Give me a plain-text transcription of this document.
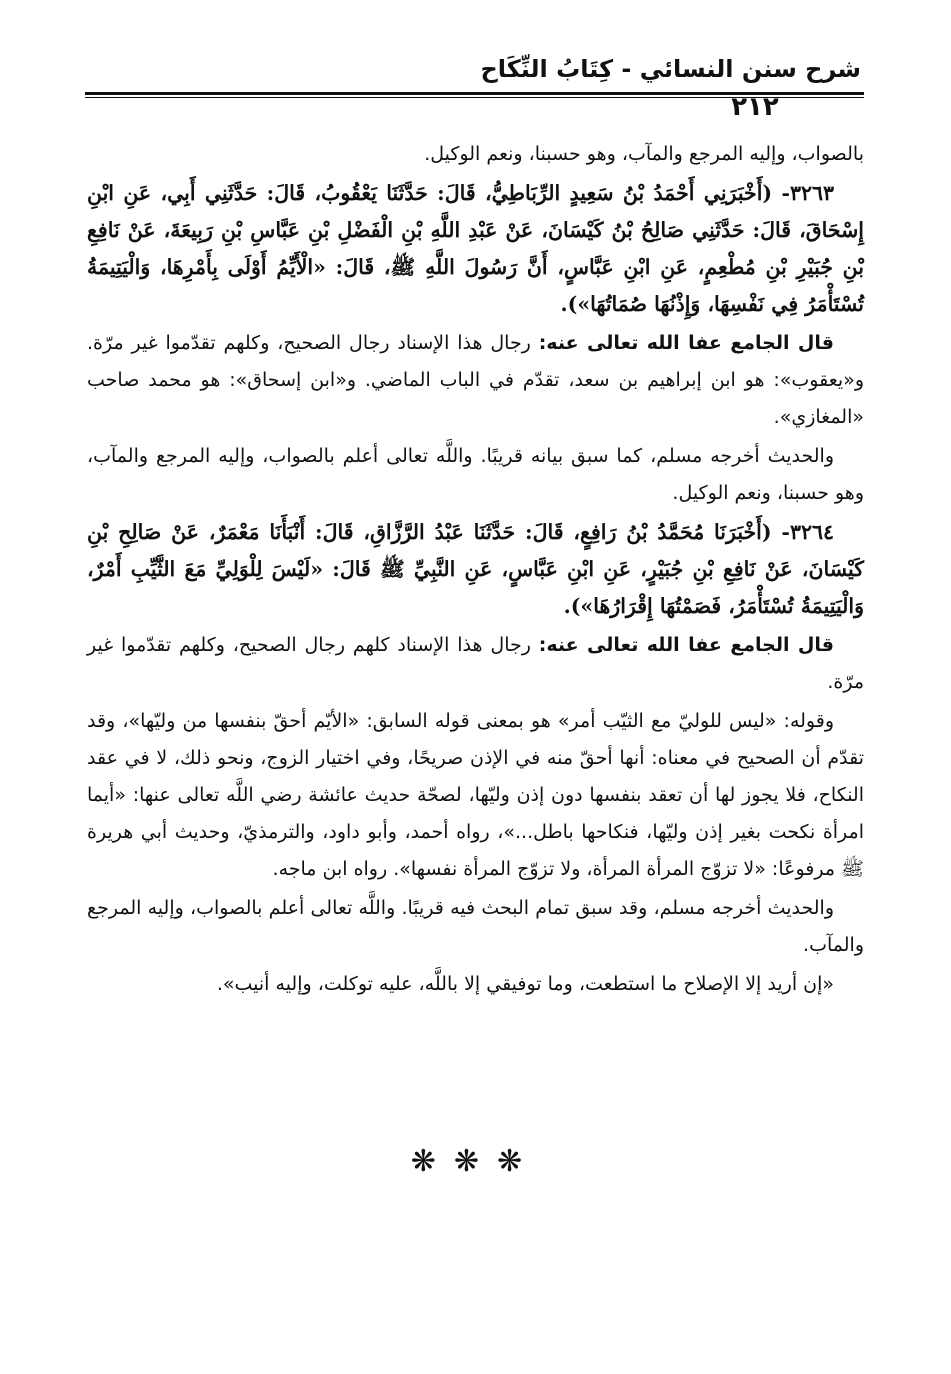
شرح سنن النسائي - كِتَابُ النِّكَاح
٢١٢

بالصواب، وإليه المرجع والمآب، وهو حسبنا، ونعم الوكيل.

٣٢٦٣- (أَخْبَرَنِي أَحْمَدُ بْنُ سَعِيدٍ الرِّبَاطِيُّ، قَالَ: حَدَّثَنَا يَعْقُوبُ، قَالَ: حَدَّثَنِي أَبِي، عَنِ ابْنِ إِسْحَاقَ، قَالَ: حَدَّثَنِي صَالِحُ بْنُ كَيْسَانَ، عَنْ عَبْدِ اللَّهِ بْنِ الْفَضْلِ بْنِ عَبَّاسِ بْنِ رَبِيعَةَ، عَنْ نَافِعِ بْنِ جُبَيْرِ بْنِ مُطْعِمٍ، عَنِ ابْنِ عَبَّاسٍ، أَنَّ رَسُولَ اللَّهِ ﷺ، قَالَ: «الْأَيِّمُ أَوْلَى بِأَمْرِهَا، وَالْيَتِيمَةُ تُسْتَأْمَرُ فِي نَفْسِهَا، وَإِذْنُهَا صُمَاتُهَا»).

قال الجامع عفا الله تعالى عنه: رجال هذا الإسناد رجال الصحيح، وكلهم تقدّموا غير مرّة. و«يعقوب»: هو ابن إبراهيم بن سعد، تقدّم في الباب الماضي. و«ابن إسحاق»: هو محمد صاحب «المغازي».

والحديث أخرجه مسلم، كما سبق بيانه قريبًا. واللَّه تعالى أعلم بالصواب، وإليه المرجع والمآب، وهو حسبنا، ونعم الوكيل.

٣٢٦٤- (أَخْبَرَنَا مُحَمَّدُ بْنُ رَافِعٍ، قَالَ: حَدَّثَنَا عَبْدُ الرَّزَّاقِ، قَالَ: أَنْبَأَنَا مَعْمَرٌ، عَنْ صَالِحِ بْنِ كَيْسَانَ، عَنْ نَافِعِ بْنِ جُبَيْرٍ، عَنِ ابْنِ عَبَّاسٍ، عَنِ النَّبِيِّ ﷺ قَالَ: «لَيْسَ لِلْوَلِيِّ مَعَ الثَّيِّبِ أَمْرٌ، وَالْيَتِيمَةُ تُسْتَأْمَرُ، فَصَمْتُهَا إِقْرَارُهَا»).

قال الجامع عفا الله تعالى عنه: رجال هذا الإسناد كلهم رجال الصحيح، وكلهم تقدّموا غير مرّة.

وقوله: «ليس للوليّ مع الثيّب أمر» هو بمعنى قوله السابق: «الأيّم أحقّ بنفسها من وليّها»، وقد تقدّم أن الصحيح في معناه: أنها أحقّ منه في الإذن صريحًا، وفي اختيار الزوج، ونحو ذلك، لا في عقد النكاح، فلا يجوز لها أن تعقد بنفسها دون إذن وليّها، لصحّة حديث عائشة رضي اللَّه تعالى عنها: «أيما امرأة نكحت بغير إذن وليّها، فنكاحها باطل...»، رواه أحمد، وأبو داود، والترمذيّ، وحديث أبي هريرة ﷺ مرفوعًا: «لا تزوّج المرأة المرأة، ولا تزوّج المرأة نفسها». رواه ابن ماجه.

والحديث أخرجه مسلم، وقد سبق تمام البحث فيه قريبًا. واللَّه تعالى أعلم بالصواب، وإليه المرجع والمآب.

«إن أريد إلا الإصلاح ما استطعت، وما توفيقي إلا باللَّه، عليه توكلت، وإليه أنيب».

❋❋❋
